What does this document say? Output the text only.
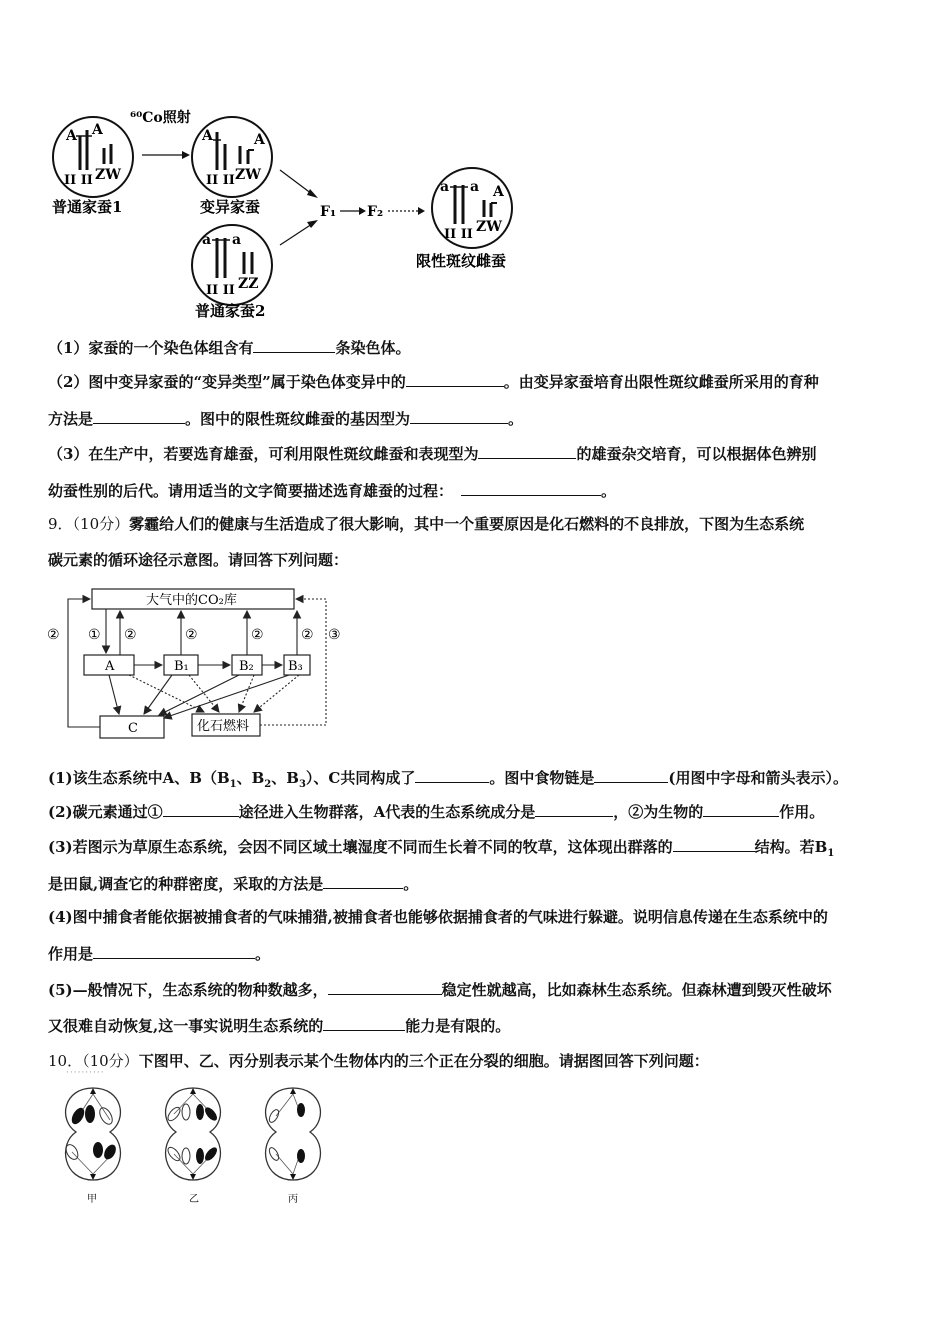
⁶⁰Co照射
A A
II II ZW
普通家蚕1
A	A
II II ZW
变异家蚕
a a
II II ZZ
普通家蚕2
F₁ F₂
a a A
II II ZW
限性斑纹雌蚕
（1）家蚕的一个染色体组含有	条染色体。
（2）图中变异家蚕的“变异类型”属于染色体变异中的	。由变异家蚕培育出限性斑纹雌蚕所采用的育种
方法是	。图中的限性斑纹雌蚕的基因型为	。
（3）在生产中，若要选育雄蚕，可利用限性斑纹雌蚕和表现型为	的雄蚕杂交培育，可以根据体色辨别
幼蚕性别的后代。请用适当的文字简要描述选育雄蚕的过程：	。
9．（10分）雾霾给人们的健康与生活造成了很大影响，其中一个重要原因是化石燃料的不良排放，下图为生态系统
碳元素的循环途径示意图。请回答下列问题：
大气中的CO₂库
A	B₁	B₂	B₃
C	化石燃料
① ②	②	②	②
②	③
(1)该生态系统中A、$B(B_1$、$B_2$、$B_3$）、C共同构成了	。图中食物链是	(用图中字母和箭头表示）。
(2)碳元素通过①	途径进入生物群落，A代表的生态系统成分是	，②为生物的	作用。
(3)若图示为草原生态系统，会因不同区域土壤湿度不同而生长着不同的牧草，这体现出群落的	结构。若$B_1$
是田鼠,调查它的种群密度，采取的方法是	。
(4)图中捕食者能依据被捕食者的气味捕猎,被捕食者也能够依据捕食者的气味进行躲避。说明信息传递在生态系统中的
作用是	。
(5)—般情况下，生态系统的物种数越多，	稳定性就越高，比如森林生态系统。但森林遭到毁灭性破坏
又很难自动恢复,这一事实说明生态系统的	能力是有限的。
10．（10分）下图甲、乙、丙分别表示某个生物体内的三个正在分裂的细胞。请据图回答下列问题：
··········
甲	乙	丙
